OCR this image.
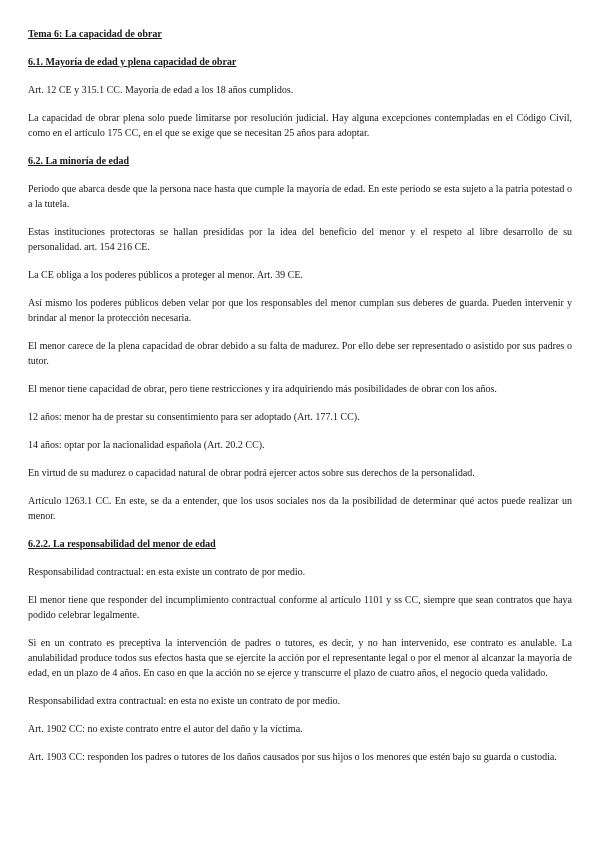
Tema 6: La capacidad de obrar
6.1. Mayoría de edad y plena capacidad de obrar

Art. 12 CE y 315.1 CC. Mayoría de edad a los 18 años cumplidos.

La capacidad de obrar plena solo puede limitarse por resolución judicial. Hay alguna excepciones contempladas en el Código Civil, como en el artículo 175 CC, en el que se exige que se necesitan 25 años para adoptar.

6.2. La minoría de edad

Periodo que abarca desde que la persona nace hasta que cumple la mayoría de edad. En este periodo se esta sujeto a la patria potestad o a la tutela.

Estas instituciones protectoras se hallan presididas por la idea del beneficio del menor y el respeto al libre desarrollo de su personalidad. art. 154 216 CE.

La CE obliga a los poderes públicos a proteger al menor. Art. 39 CE.

Así mismo los poderes públicos deben velar por que los responsables del menor cumplan sus deberes de guarda. Pueden intervenir y brindar al menor la protección necesaria.

El menor carece de la plena capacidad de obrar debido a su falta de madurez. Por ello debe ser representado o asistido por sus padres o tutor.

El menor tiene capacidad de obrar, pero tiene restricciones y ira adquiriendo más posibilidades de obrar con los años.

12 años: menor ha de prestar su consentimiento para ser adoptado (Art. 177.1 CC).

14 años: optar por la nacionalidad española (Art. 20.2 CC).

En virtud de su madurez o capacidad natural de obrar podrá ejercer actos sobre sus derechos de la personalidad.

Artículo 1263.1 CC. En este, se da a entender, que los usos sociales nos da la posibilidad de determinar qué actos puede realizar un menor.

6.2.2. La responsabilidad del menor de edad

Responsabilidad contractual: en esta existe un contrato de por medio.

El menor tiene que responder del incumplimiento contractual conforme al artículo 1101 y ss CC, siempre que sean contratos que haya podido celebrar legalmente.

Si en un contrato es preceptiva la intervención de padres o tutores, es decir, y no han intervenido, ese contrato es anulable. La anulabilidad produce todos sus efectos hasta que se ejercite la acción por el representante legal o por el menor al alcanzar la mayoría de edad, en un plazo de 4 años. En caso en que la acción no se ejerce y transcurre el plazo de cuatro años, el negocio queda validado.

Responsabilidad extra contractual: en esta no existe un contrato de por medio.

Art. 1902 CC: no existe contrato entre el autor del daño y la víctima.

Art. 1903 CC: responden los padres o tutores de los daños causados por sus hijos o los menores que estén bajo su guarda o custodia.
